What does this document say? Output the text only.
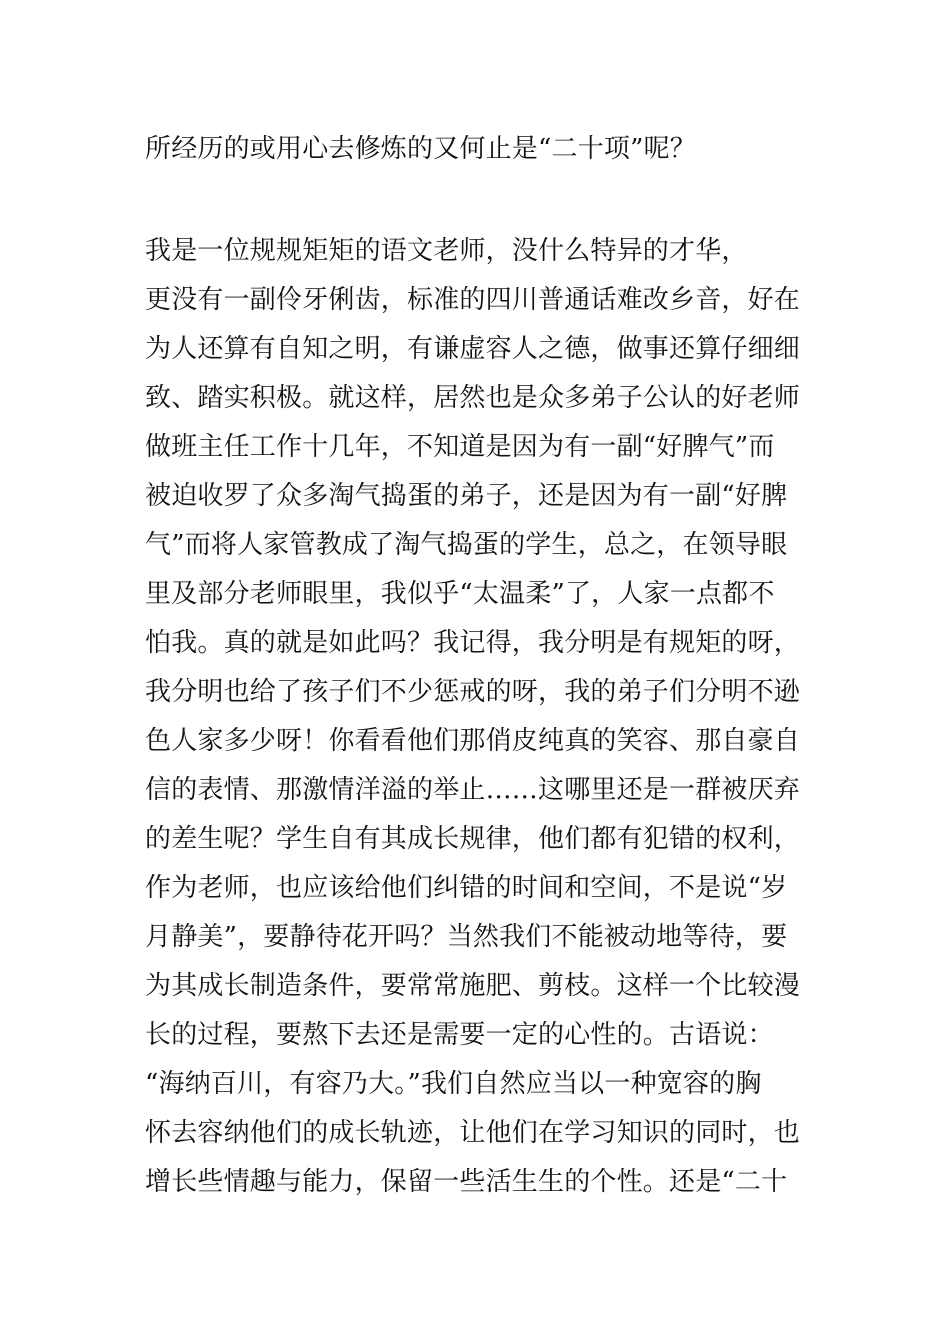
所经历的或用心去修炼的又何止是“二十项”呢？
我是一位规规矩矩的语文老师，没什么特异的才华，
更没有一副伶牙俐齿，标准的四川普通话难改乡音，好在
为人还算有自知之明，有谦虚容人之德，做事还算仔细细
致、踏实积极。就这样，居然也是众多弟子公认的好老师
做班主任工作十几年，不知道是因为有一副“好脾气”而
被迫收罗了众多淘气捣蛋的弟子，还是因为有一副“好脾
气”而将人家管教成了淘气捣蛋的学生，总之，在领导眼
里及部分老师眼里，我似乎“太温柔”了，人家一点都不
怕我。真的就是如此吗？我记得，我分明是有规矩的呀，
我分明也给了孩子们不少惩戒的呀，我的弟子们分明不逊
色人家多少呀！你看看他们那俏皮纯真的笑容、那自豪自
信的表情、那激情洋溢的举止……这哪里还是一群被厌弃
的差生呢？学生自有其成长规律，他们都有犯错的权利，
作为老师，也应该给他们纠错的时间和空间，不是说“岁
月静美”，要静待花开吗？当然我们不能被动地等待，要
为其成长制造条件，要常常施肥、剪枝。这样一个比较漫
长的过程，要熬下去还是需要一定的心性的。古语说：
“海纳百川，有容乃大。”我们自然应当以一种宽容的胸
怀去容纳他们的成长轨迹，让他们在学习知识的同时，也
增长些情趣与能力，保留一些活生生的个性。还是“二十
